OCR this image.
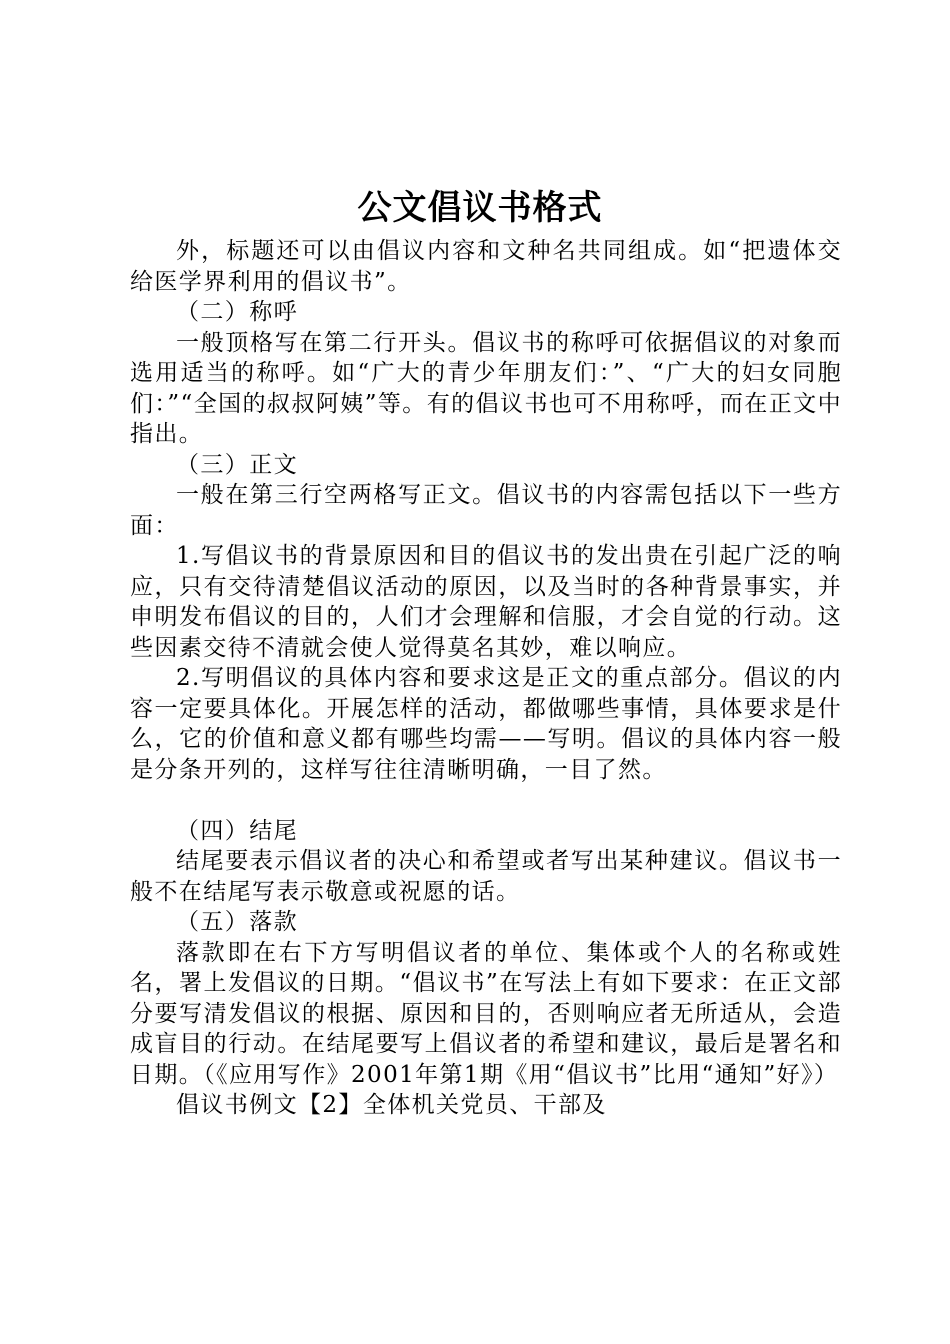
公文倡议书格式

外，标题还可以由倡议内容和文种名共同组成。如“把遗体交给医学界利用的倡议书”。

（二）称呼

一般顶格写在第二行开头。倡议书的称呼可依据倡议的对象而选用适当的称呼。如“广大的青少年朋友们：”、“广大的妇女同胞们：”“全国的叔叔阿姨”等。有的倡议书也可不用称呼，而在正文中指出。

（三）正文

一般在第三行空两格写正文。倡议书的内容需包括以下一些方面：

1.写倡议书的背景原因和目的倡议书的发出贵在引起广泛的响应，只有交待清楚倡议活动的原因，以及当时的各种背景事实，并申明发布倡议的目的，人们才会理解和信服，才会自觉的行动。这些因素交待不清就会使人觉得莫名其妙，难以响应。

2.写明倡议的具体内容和要求这是正文的重点部分。倡议的内容一定要具体化。开展怎样的活动，都做哪些事情，具体要求是什么，它的价值和意义都有哪些均需——写明。倡议的具体内容一般是分条开列的，这样写往往清晰明确，一目了然。

（四）结尾

结尾要表示倡议者的决心和希望或者写出某种建议。倡议书一般不在结尾写表示敬意或祝愿的话。

（五）落款

落款即在右下方写明倡议者的单位、集体或个人的名称或姓名，署上发倡议的日期。“倡议书”在写法上有如下要求：在正文部分要写清发倡议的根据、原因和目的，否则响应者无所适从，会造成盲目的行动。在结尾要写上倡议者的希望和建议，最后是署名和日期。（《应用写作》2001年第1期《用“倡议书”比用“通知”好》）

倡议书例文【2】全体机关党员、干部及
